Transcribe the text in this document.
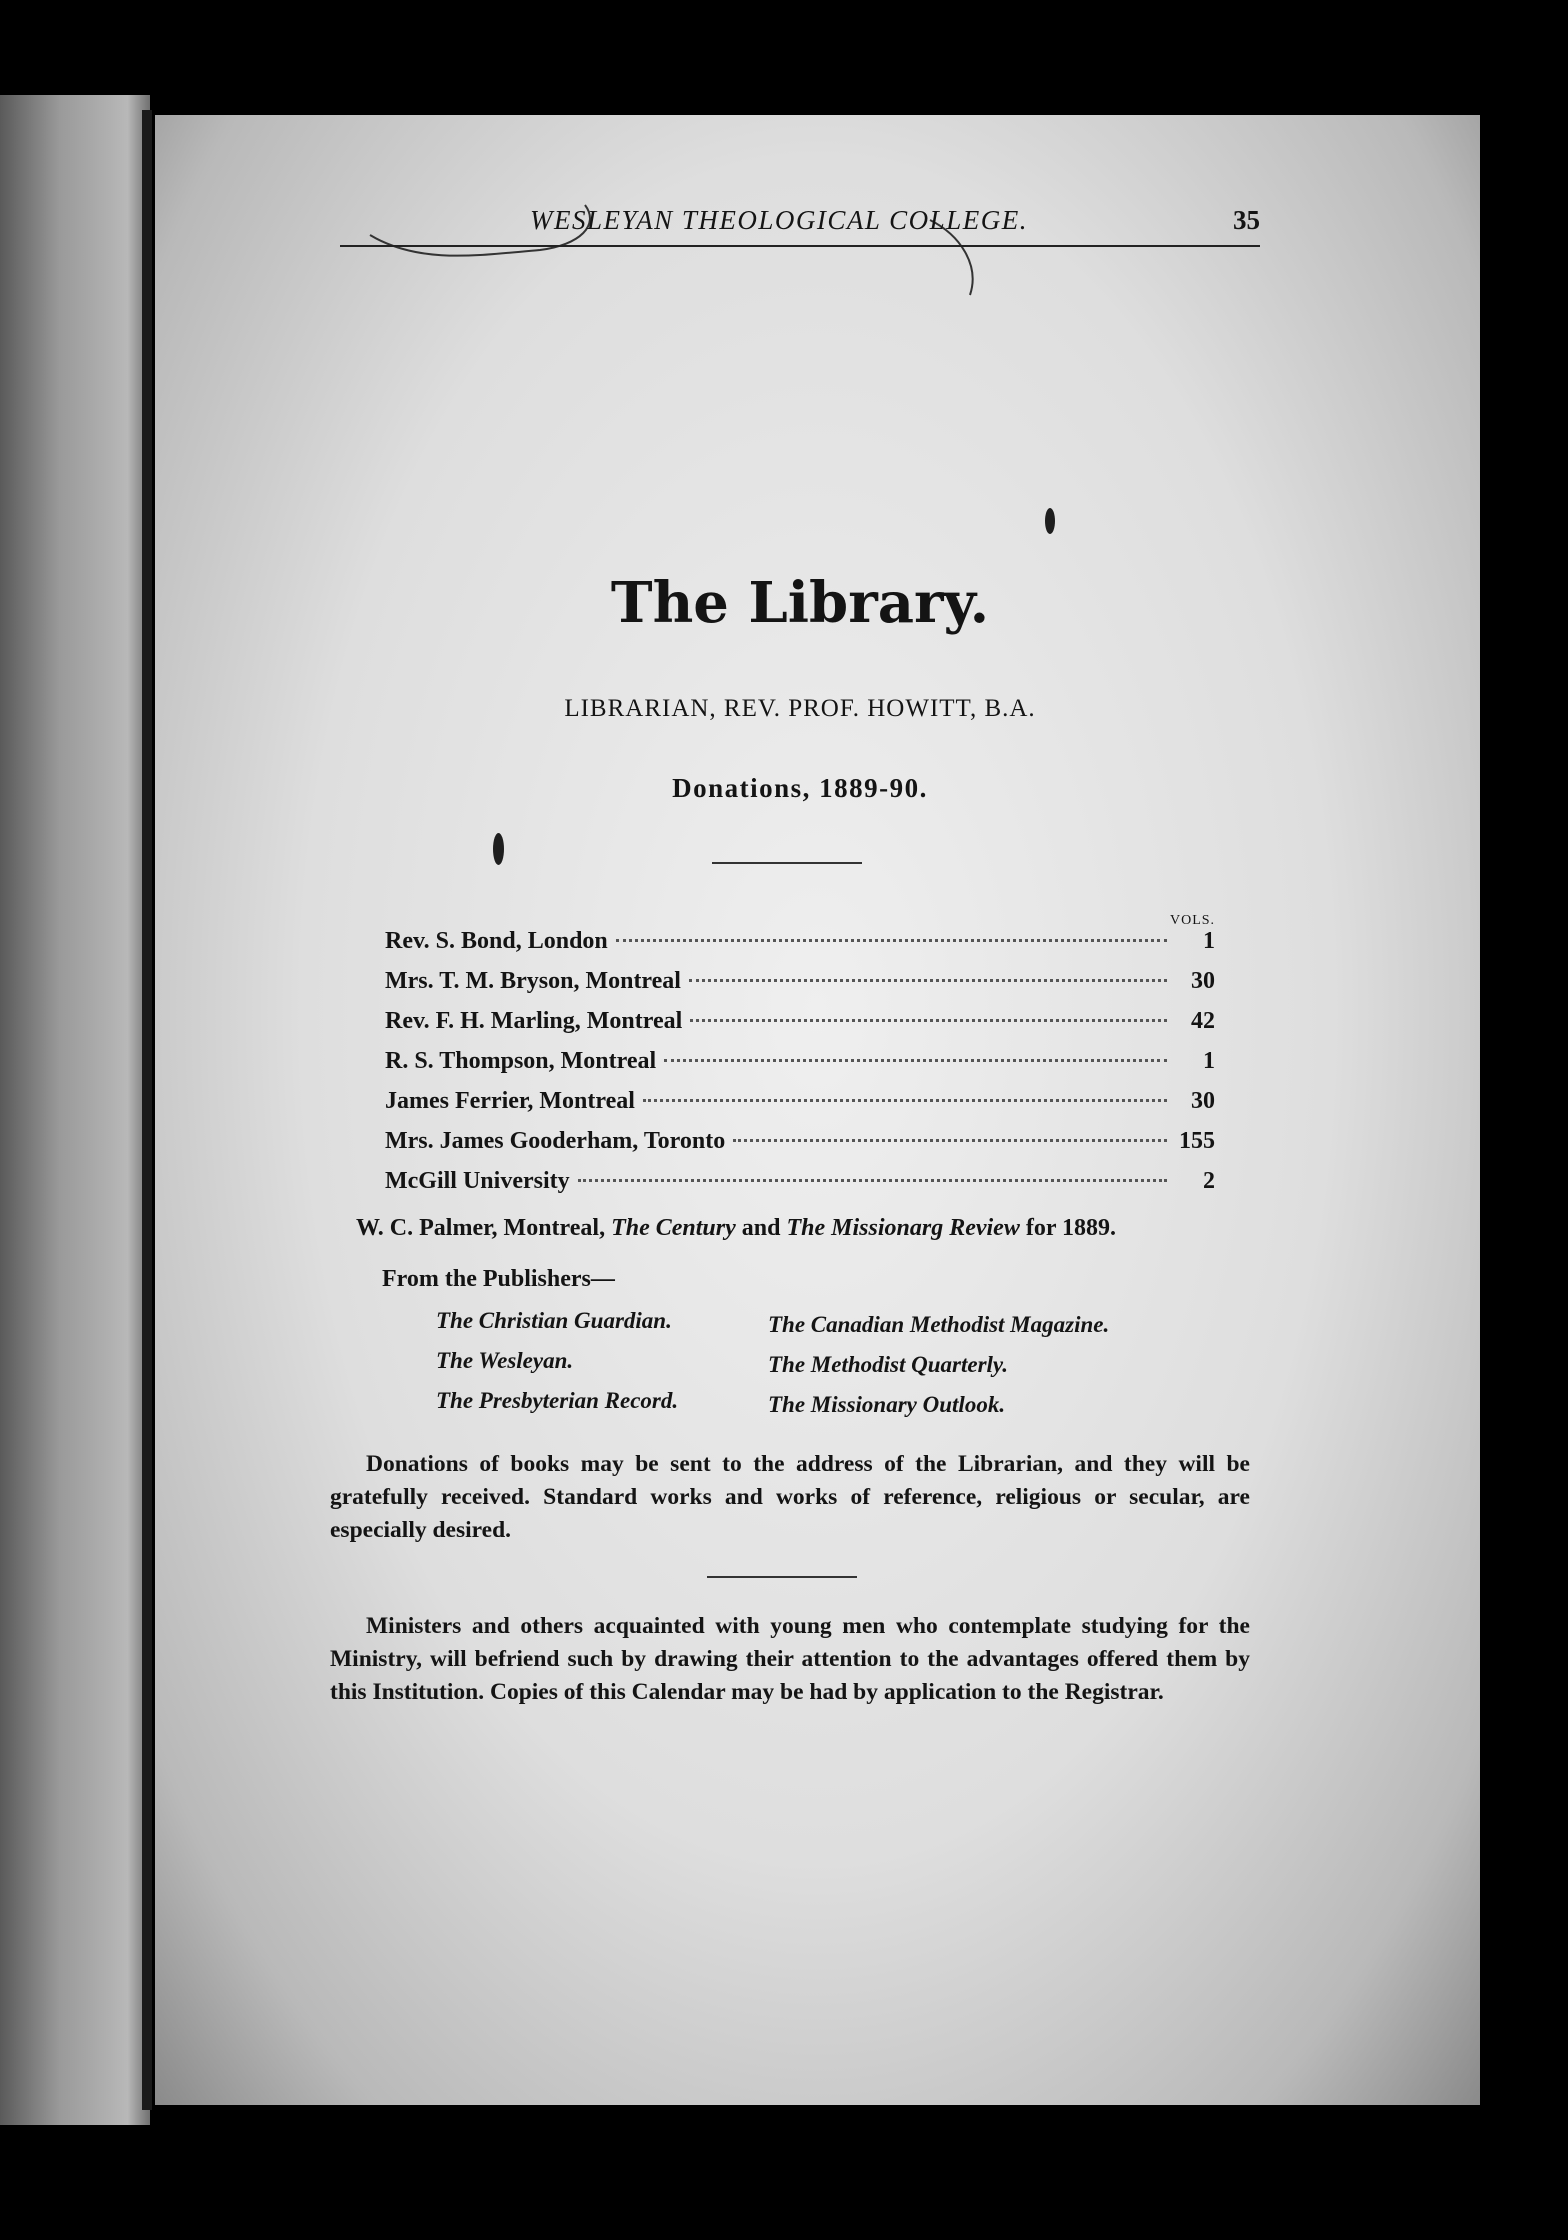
WESLEYAN THEOLOGICAL COLLEGE.	35
The Library.
LIBRARIAN, REV. PROF. HOWITT, B.A.
Donations, 1889-90.
VOLS.
Rev. S. Bond, London	1
Mrs. T. M. Bryson, Montreal	30
Rev. F. H. Marling, Montreal	42
R. S. Thompson, Montreal	1
James Ferrier, Montreal	30
Mrs. James Gooderham, Toronto	155
McGill University	2
W. C. Palmer, Montreal, The Century and The Missionarg Review for 1889.
From the Publishers—
The Christian Guardian.	The Canadian Methodist Magazine.
The Wesleyan.	The Methodist Quarterly.
The Presbyterian Record.	The Missionary Outlook.
Donations of books may be sent to the address of the Librarian, and they will be gratefully received. Standard works and works of reference, religious or secular, are especially desired.
Ministers and others acquainted with young men who contemplate studying for the Ministry, will befriend such by drawing their attention to the advantages offered them by this Institution. Copies of this Calendar may be had by application to the Registrar.
